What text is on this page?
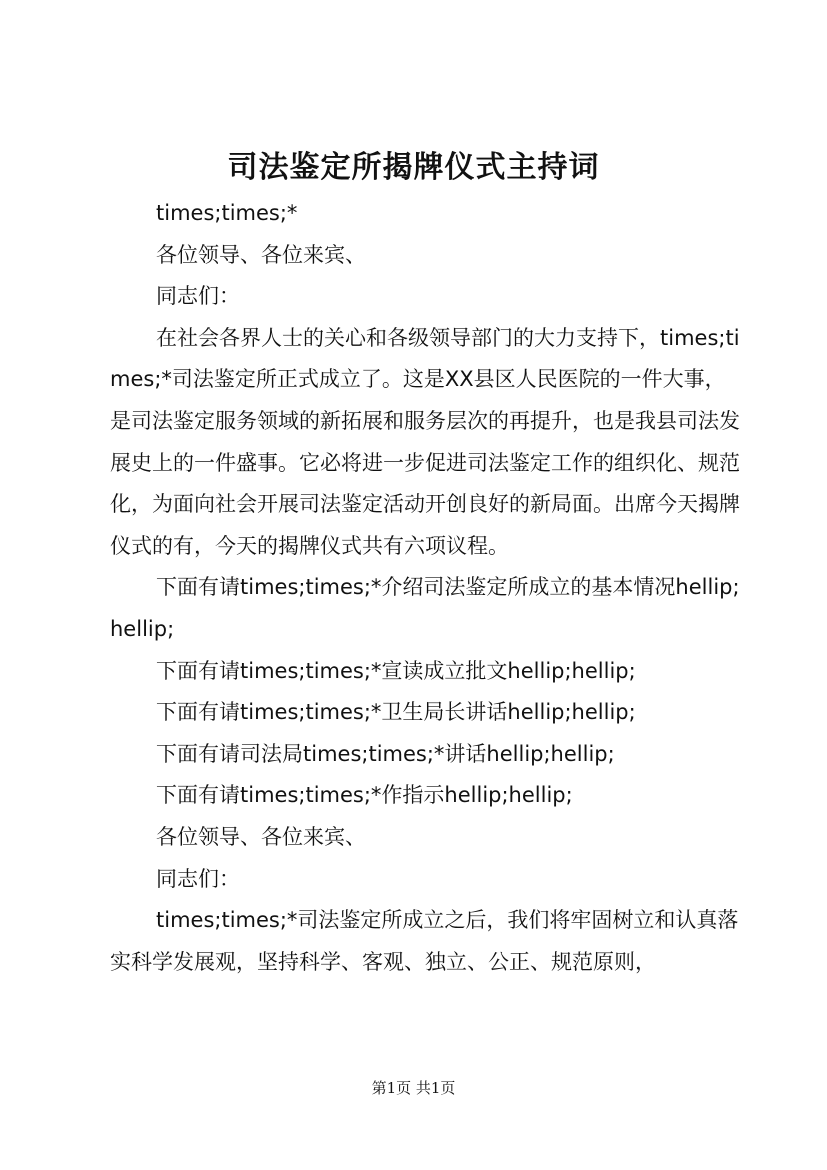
司法鉴定所揭牌仪式主持词

times;times;*

各位领导、各位来宾、

同志们：

在社会各界人士的关心和各级领导部门的大力支持下，times;times;*司法鉴定所正式成立了。这是XX县区人民医院的一件大事，是司法鉴定服务领域的新拓展和服务层次的再提升，也是我县司法发展史上的一件盛事。它必将进一步促进司法鉴定工作的组织化、规范化，为面向社会开展司法鉴定活动开创良好的新局面。出席今天揭牌仪式的有，今天的揭牌仪式共有六项议程。

下面有请times;times;*介绍司法鉴定所成立的基本情况hellip;hellip;

下面有请times;times;*宣读成立批文hellip;hellip;

下面有请times;times;*卫生局长讲话hellip;hellip;

下面有请司法局times;times;*讲话hellip;hellip;

下面有请times;times;*作指示hellip;hellip;

各位领导、各位来宾、

同志们：

times;times;*司法鉴定所成立之后，我们将牢固树立和认真落实科学发展观，坚持科学、客观、独立、公正、规范原则，

第1页 共1页
